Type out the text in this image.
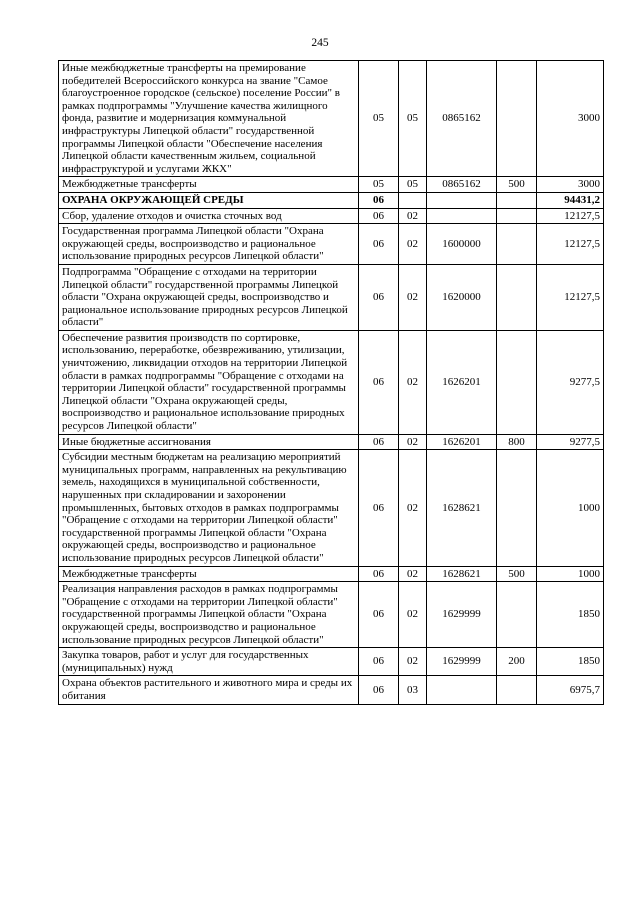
245
Иные межбюджетные трансферты на премирование победителей Всероссийского конкурса на звание "Самое благоустроенное городское (сельское) поселение России" в рамках подпрограммы "Улучшение качества жилищного фонда, развитие и модернизация коммунальной инфраструктуры Липецкой области" государственной программы Липецкой области "Обеспечение населения Липецкой области качественным жильем, социальной инфраструктурой и услугами ЖКХ"	05	05	0865162		3000
Межбюджетные трансферты	05	05	0865162	500	3000
ОХРАНА ОКРУЖАЮЩЕЙ СРЕДЫ	06				94431,2
Сбор, удаление отходов и очистка сточных вод	06	02			12127,5
Государственная программа Липецкой области "Охрана окружающей среды, воспроизводство и рациональное использование природных ресурсов Липецкой области"	06	02	1600000		12127,5
Подпрограмма "Обращение с отходами на территории Липецкой области" государственной программы Липецкой области "Охрана окружающей среды, воспроизводство и рациональное использование природных ресурсов Липецкой области"	06	02	1620000		12127,5
Обеспечение развития производств по сортировке, использованию, переработке, обезвреживанию, утилизации, уничтожению, ликвидации отходов на территории Липецкой области в рамках подпрограммы "Обращение с отходами на территории Липецкой области" государственной программы Липецкой области "Охрана окружающей среды, воспроизводство и рациональное использование природных ресурсов Липецкой области"	06	02	1626201		9277,5
Иные бюджетные ассигнования	06	02	1626201	800	9277,5
Субсидии местным бюджетам на реализацию мероприятий муниципальных программ, направленных на рекультивацию земель, находящихся в муниципальной собственности, нарушенных при складировании и захоронении промышленных, бытовых отходов в рамках подпрограммы "Обращение с отходами на территории Липецкой области" государственной программы Липецкой области "Охрана окружающей среды, воспроизводство и рациональное использование природных ресурсов Липецкой области"	06	02	1628621		1000
Межбюджетные трансферты	06	02	1628621	500	1000
Реализация направления расходов в рамках подпрограммы "Обращение с отходами на территории Липецкой области" государственной программы Липецкой области "Охрана окружающей среды, воспроизводство и рациональное использование природных ресурсов Липецкой области"	06	02	1629999		1850
Закупка товаров, работ и услуг для государственных (муниципальных) нужд	06	02	1629999	200	1850
Охрана объектов растительного и животного мира и среды их обитания	06	03			6975,7
